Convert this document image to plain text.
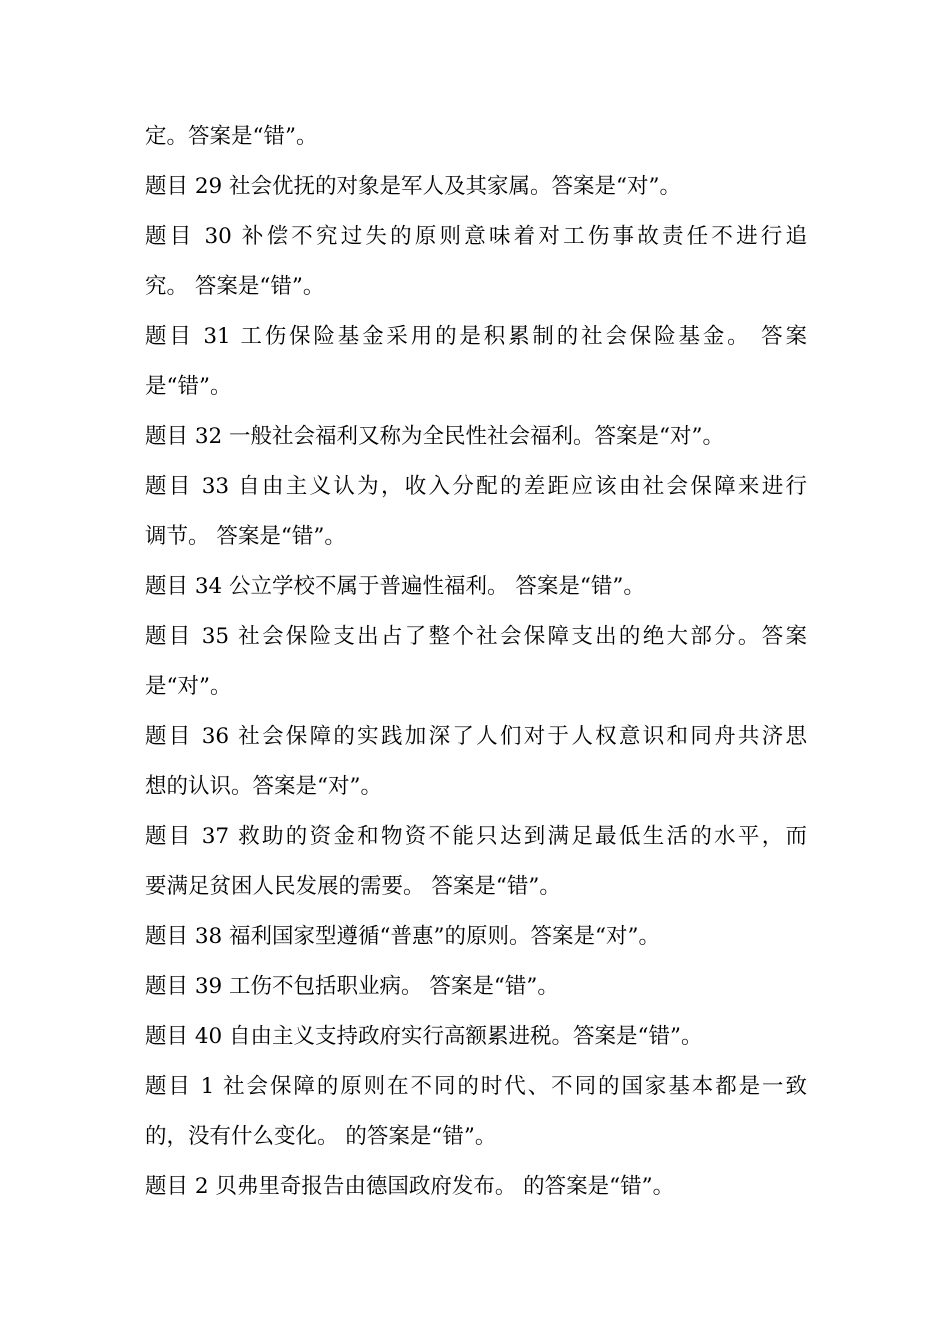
定。答案是“错”。
题目 29 社会优抚的对象是军人及其家属。答案是“对”。
题目 30 补偿不究过失的原则意味着对工伤事故责任不进行追
究。 答案是“错”。
题目 31 工伤保险基金采用的是积累制的社会保险基金。 答案
是“错”。
题目 32 一般社会福利又称为全民性社会福利。答案是“对”。
题目 33 自由主义认为，收入分配的差距应该由社会保障来进行
调节。 答案是“错”。
题目 34 公立学校不属于普遍性福利。 答案是“错”。
题目 35 社会保险支出占了整个社会保障支出的绝大部分。答案
是“对”。
题目 36 社会保障的实践加深了人们对于人权意识和同舟共济思
想的认识。答案是“对”。
题目 37 救助的资金和物资不能只达到满足最低生活的水平，而
要满足贫困人民发展的需要。 答案是“错”。
题目 38 福利国家型遵循“普惠”的原则。答案是“对”。
题目 39 工伤不包括职业病。 答案是“错”。
题目 40 自由主义支持政府实行高额累进税。答案是“错”。
题目 1 社会保障的原则在不同的时代、不同的国家基本都是一致
的，没有什么变化。 的答案是“错”。
题目 2 贝弗里奇报告由德国政府发布。 的答案是“错”。
